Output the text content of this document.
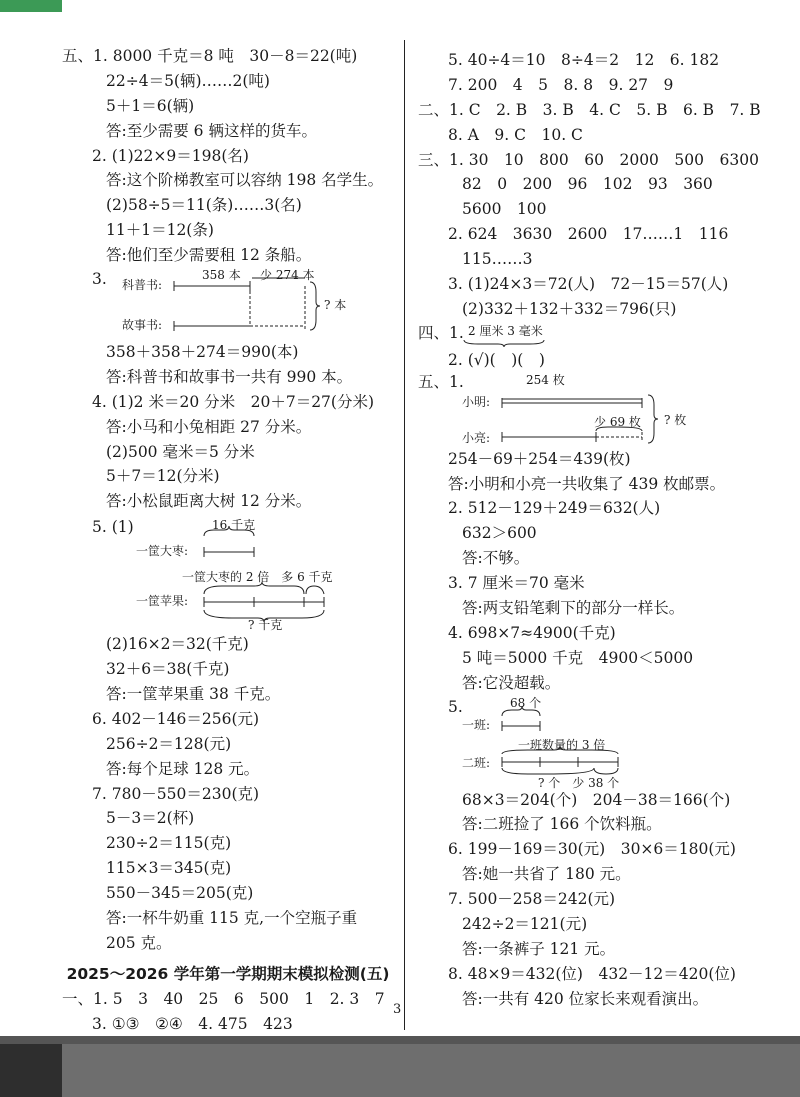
五、1. 8000 千克＝8 吨　30－8＝22(吨)
22÷4＝5(辆)……2(吨)
5＋1＝6(辆)
答:至少需要 6 辆这样的货车。
2. (1)22×9＝198(名)
答:这个阶梯教室可以容纳 198 名学生。
(2)58÷5＝11(条)……3(名)
11＋1＝12(条)
答:他们至少需要租 12 条船。
3. 科普书:
故事书:
358 本 少 274 本
? 本
358＋358＋274＝990(本)
答:科普书和故事书一共有 990 本。
4. (1)2 米＝20 分米　20＋7＝27(分米)
答:小马和小兔相距 27 分米。
(2)500 毫米＝5 分米
5＋7＝12(分米)
答:小松鼠距离大树 12 分米。
5. (1)	16 千克
一筐大枣:
一筐大枣的 2 倍　多 6 千克
一筐苹果:
? 千克
(2)16×2＝32(千克)
32＋6＝38(千克)
答:一筐苹果重 38 千克。
6. 402－146＝256(元)
256÷2＝128(元)
答:每个足球 128 元。
7. 780－550＝230(克)
5－3＝2(杯)
230÷2＝115(克)
115×3＝345(克)
550－345＝205(克)
答:一杯牛奶重 115 克,一个空瓶子重
205 克。
2025～2026 学年第一学期期末模拟检测(五)
一、1. 5　3　40　25　6　500　1　2. 3　7
3. ①③　②④　4. 475　423
5. 40÷4＝10　8÷4＝2　12　6. 182
7. 200　4　5　8. 8　9. 27　9
二、1. C　2. B　3. B　4. C　5. B　6. B　7. B
8. A　9. C　10. C
三、1. 30　10　800　60　2000　500　6300
82　0　200　96　102　93　360
5600　100
2. 624　3630　2600　17……1　116
115……3
3. (1)24×3＝72(人)　72－15＝57(人)
(2)332＋132＋332＝796(只)
四、1. 2 厘米 3 毫米
2. (√)(　)(　)
五、1.	254 枚
小明:
少 69 枚
小亮:
? 枚
254－69＋254＝439(枚)
答:小明和小亮一共收集了 439 枚邮票。
2. 512－129＋249＝632(人)
632＞600
答:不够。
3. 7 厘米＝70 毫米
答:两支铅笔剩下的部分一样长。
4. 698×7≈4900(千克)
5 吨＝5000 千克　4900＜5000
答:它没超载。
5.	68 个
一班:
一班数量的 3 倍
二班:
? 个　少 38 个
68×3＝204(个)　204－38＝166(个)
答:二班捡了 166 个饮料瓶。
6. 199－169＝30(元)　30×6＝180(元)
答:她一共省了 180 元。
7. 500－258＝242(元)
242÷2＝121(元)
答:一条裤子 121 元。
8. 48×9＝432(位)　432－12＝420(位)
答:一共有 420 位家长来观看演出。
3
